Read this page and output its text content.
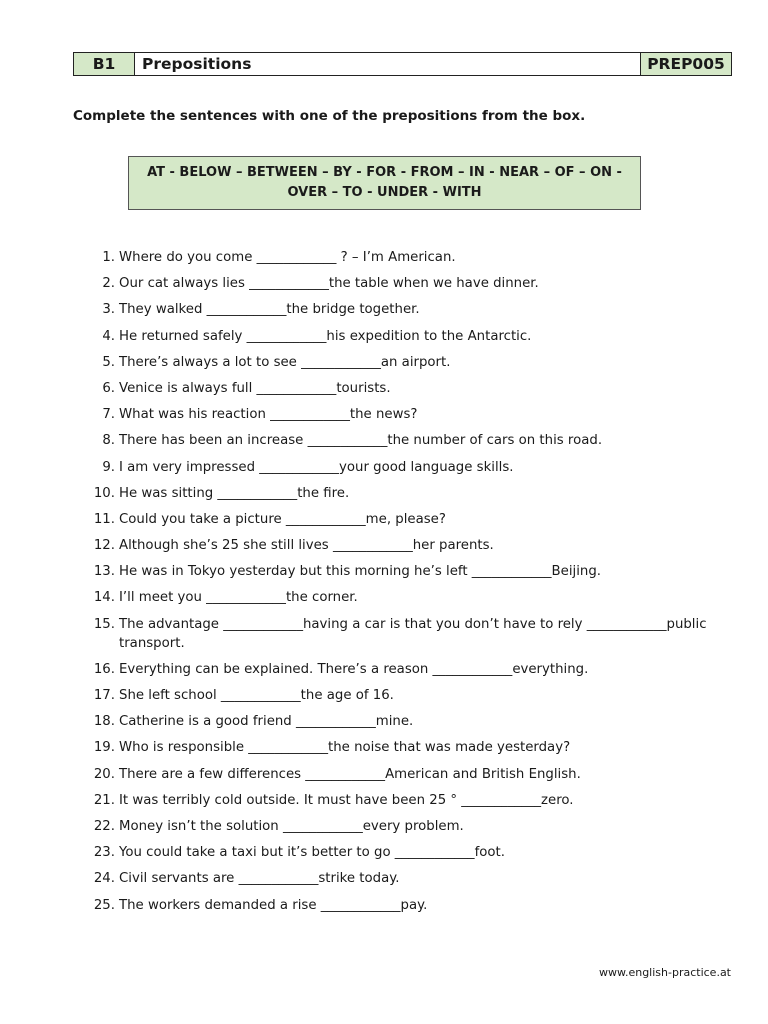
B1	Prepositions	PREP005
Complete the sentences with one of the prepositions from the box.
AT - BELOW – BETWEEN – BY - FOR - FROM – IN - NEAR – OF – ON -
OVER – TO - UNDER - WITH
1. Where do you come ____________ ? – I’m American.
2. Our cat always lies ____________the table when we have dinner.
3. They walked ____________the bridge together.
4. He returned safely ____________his expedition to the Antarctic.
5. There’s always a lot to see ____________an airport.
6. Venice is always full ____________tourists.
7. What was his reaction ____________the news?
8. There has been an increase ____________the number of cars on this road.
9. I am very impressed ____________your good language skills.
10. He was sitting ____________the fire.
11. Could you take a picture ____________me, please?
12. Although she’s 25 she still lives ____________her parents.
13. He was in Tokyo yesterday but this morning he’s left ____________Beijing.
14. I’ll meet you ____________the corner.
15. The advantage ____________having a car is that you don’t have to rely ____________public transport.
16. Everything can be explained. There’s a reason ____________everything.
17. She left school ____________the age of 16.
18. Catherine is a good friend ____________mine.
19. Who is responsible ____________the noise that was made yesterday?
20. There are a few differences ____________American and British English.
21. It was terribly cold outside. It must have been 25 ° ____________zero.
22. Money isn’t the solution ____________every problem.
23. You could take a taxi but it’s better to go ____________foot.
24. Civil servants are ____________strike today.
25. The workers demanded a rise ____________pay.
www.english-practice.at
